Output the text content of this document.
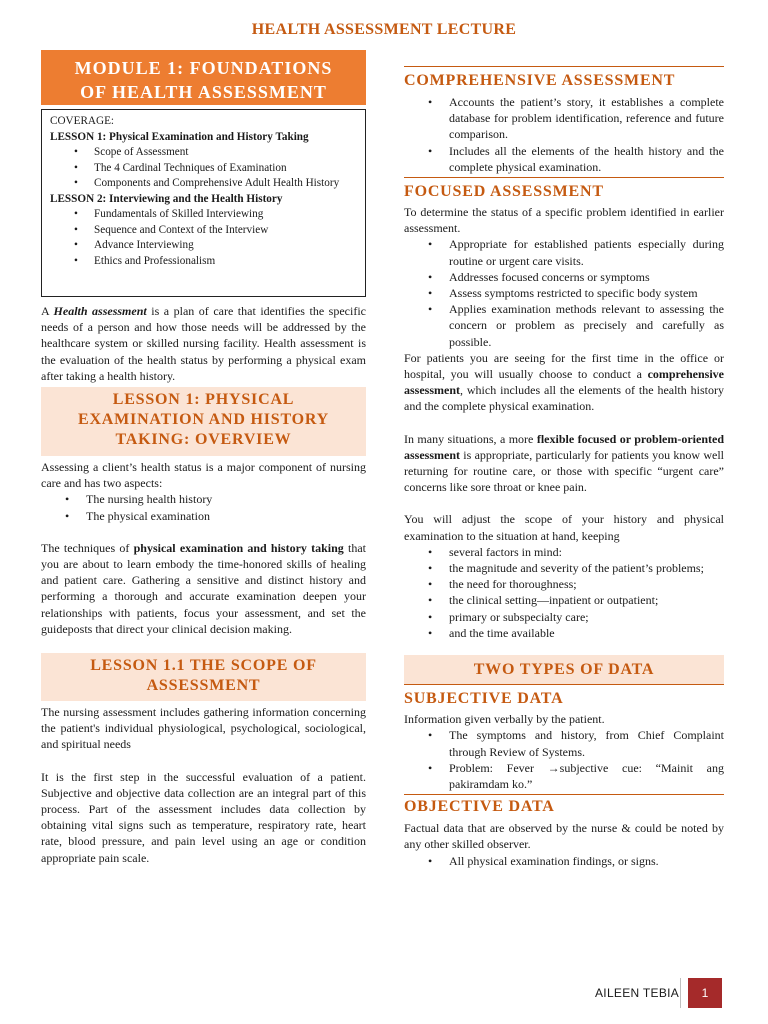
HEALTH ASSESSMENT LECTURE
MODULE 1: FOUNDATIONS
OF HEALTH ASSESSMENT
COVERAGE:
LESSON 1: Physical Examination and History Taking
• Scope of Assessment
• The 4 Cardinal Techniques of Examination
• Components and Comprehensive Adult Health History
LESSON 2: Interviewing and the Health History
• Fundamentals of Skilled Interviewing
• Sequence and Context of the Interview
• Advance Interviewing
• Ethics and Professionalism

A Health assessment is a plan of care that identifies the specific needs of a person and how those needs will be addressed by the healthcare system or skilled nursing facility. Health assessment is the evaluation of the health status by performing a physical exam after taking a health history.

LESSON 1: PHYSICAL
EXAMINATION AND HISTORY
TAKING: OVERVIEW

Assessing a client’s health status is a major component of nursing care and has two aspects:

• The nursing health history
• The physical examination

The techniques of physical examination and history taking that you are about to learn embody the time-honored skills of healing and patient care. Gathering a sensitive and distinct history and performing a thorough and accurate examination deepen your relationships with patients, focus your assessment, and set the guideposts that direct your clinical decision making.

LESSON 1.1 THE SCOPE OF
ASSESSMENT

The nursing assessment includes gathering information concerning the patient's individual physiological, psychological, sociological, and spiritual needs

It is the first step in the successful evaluation of a patient. Subjective and objective data collection are an integral part of this process. Part of the assessment includes data collection by obtaining vital signs such as temperature, respiratory rate, heart rate, blood pressure, and pain level using an age or condition appropriate pain scale.

COMPREHENSIVE ASSESSMENT
• Accounts the patient’s story, it establishes a complete database for problem identification, reference and future comparison.
• Includes all the elements of the health history and the complete physical examination.
FOCUSED ASSESSMENT

To determine the status of a specific problem identified in earlier assessment.

• Appropriate for established patients especially during routine or urgent care visits.
• Addresses focused concerns or symptoms
• Assess symptoms restricted to specific body system
• Applies examination methods relevant to assessing the concern or problem as precisely and carefully as possible.

For patients you are seeing for the first time in the office or hospital, you will usually choose to conduct a comprehensive assessment, which includes all the elements of the health history and the complete physical examination.

In many situations, a more flexible focused or problem-oriented assessment is appropriate, particularly for patients you know well returning for routine care, or those with specific “urgent care” concerns like sore throat or knee pain.

You will adjust the scope of your history and physical examination to the situation at hand, keeping

• several factors in mind:
• the magnitude and severity of the patient’s problems;
• the need for thoroughness;
• the clinical setting—inpatient or outpatient;
• primary or subspecialty care;
• and the time available
TWO TYPES OF DATA
SUBJECTIVE DATA

Information given verbally by the patient.

• The symptoms and history, from Chief Complaint through Review of Systems.
• Problem: Fever →subjective cue: “Mainit ang pakiramdam ko.”
OBJECTIVE DATA

Factual data that are observed by the nurse & could be noted by any other skilled observer.

• All physical examination findings, or signs.
AILEEN TEBIA	1
